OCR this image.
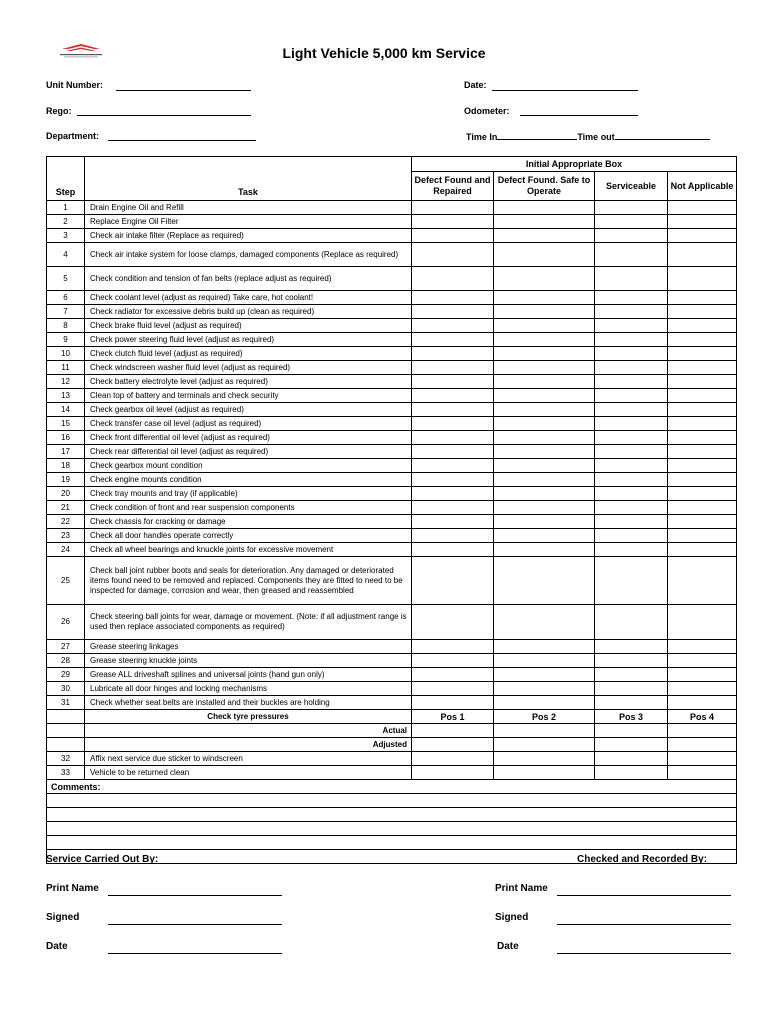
Light Vehicle 5,000 km Service
Unit Number:	Date:
Rego:	Odometer:
Department:	Time In	Time out
Step	Task	Initial Appropriate Box			
		Defect Found and Repaired	Defect Found. Safe to Operate	Serviceable	Not Applicable
1	Drain Engine Oil and Refill				
2	Replace Engine Oil Filter				
3	Check air intake filter (Replace as required)				
4	Check air intake system for loose clamps, damaged components (Replace as required)				
5	Check condition and tension of fan belts (replace adjust as required)				
6	Check coolant level (adjust as required) Take care, hot coolant!				
7	Check radiator for excessive debris build up (clean as required)				
8	Check brake fluid level (adjust as required)				
9	Check power steering fluid level (adjust as required)				
10	Check clutch fluid level (adjust as required)				
11	Check windscreen washer fluid level (adjust as required)				
12	Check battery electrolyte level (adjust as required)				
13	Clean top of battery and terminals and check security				
14	Check gearbox oil level (adjust as required)				
15	Check transfer case oil level (adjust as required)				
16	Check front differential oil level (adjust as required)				
17	Check rear differential oil level (adjust as required)				
18	Check gearbox mount condition				
19	Check engine mounts condition				
20	Check tray mounts and tray (if applicable)				
21	Check condition of front and rear suspension components				
22	Check chassis for cracking or damage				
23	Check all door handles operate correctly				
24	Check all wheel bearings and knuckle joints for excessive movement				
25	Check ball joint rubber boots and seals for deterioration. Any damaged or deteriorated items found need to be removed and replaced. Components they are fitted to need to be inspected for damage, corrosion and wear, then greased and reassembled				
26	Check steering ball joints for wear, damage or movement. (Note: if all adjustment range is used then replace associated components as required)				
27	Grease steering linkages				
28	Grease steering knuckle joints				
29	Grease ALL driveshaft splines and universal joints (hand gun only)				
30	Lubricate all door hinges and locking mechanisms				
31	Check whether seat belts are installed and their buckles are holding				
	Check tyre pressures	Pos 1	Pos 2	Pos 3	Pos 4
	Actual				
	Adjusted				
32	Affix next service due sticker to windscreen				
33	Vehicle to be returned clean				
Comments:					

Service Carried Out By:	Checked and Recorded By:
Print Name	Print Name
Signed	Signed
Date	Date
